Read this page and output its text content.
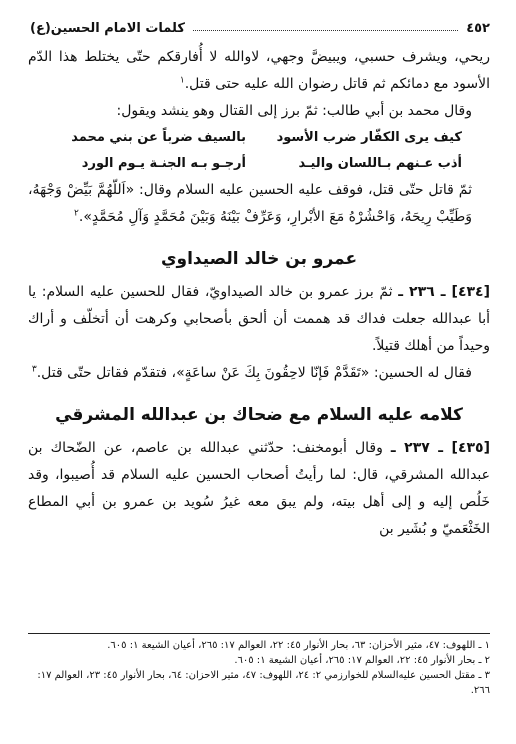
٤٥٢
كلمات الامام الحسين(ع)

ريحي، ويشرف حسبي، ويبيضَّ وجهي، لاوالله لا أُفارقكم حتّى يختلط هذا الدّم الأسود مع دمائكم ثم قاتل رضوان الله عليه حتى قتل.$^١$

وقال محمد بن أبي طالب: ثمّ برز إلى القتال وهو ينشد ويقول:

كيف يرى الكفّار ضرب الأسود
بالسيف ضرباً عن بني محمد
أذب عـنهم بـاللسان واليـد
أرجـو بـه الجنـة يـوم الورد

ثمّ قاتل حتّى قتل، فوقف عليه الحسين عليه السلام وقال: «اَللّهُمَّ بَيِّضْ وَجْهَهُ، وَطَيِّبْ رِيحَهُ، وَاحْشُرْهُ مَعَ الأبْرارِ، وَعَرِّفْ بَيْنَهُ وَبَيْنَ مُحَمَّدٍ وَآلِ مُحَمَّدٍ».$^٢$

عمرو بن خالد الصيداوي

[٤٣٤] ـ ٢٣٦ ـ ثمّ برز عمرو بن خالد الصيداويّ، فقال للحسين عليه السلام: يا أبا عبدالله جعلت فداك قد هممت أن ألحق بأصحابي وكرهت أن أتخلّف و أراك وحيداً من أهلك قتيلاً.

فقال له الحسين: «تَقَدَّمْ فَإنّا لاحِقُونَ بِكَ عَنْ ساعَةٍ»، فتقدّم فقاتل حتّى قتل.$^٣$

كلامه عليه السلام مع ضحاك بن عبدالله المشرقي

[٤٣٥] ـ ٢٣٧ ـ وقال أبومخنف: حدّثني عبدالله بن عاصم، عن الضّحاك بن عبدالله المشرقي، قال: لما رأيتُ أصحاب الحسين عليه السلام قد أُصيبوا، وقد خَلُص إليه و إلى أهل بيته، ولم يبق معه غيرُ سُويد بن عمرو بن أبي المطاع الخَثْعَميّ و بُشَير بن

١ ـ اللهوف: ٤٧، مثير الأحزان: ٦٣، بحار الأنوار ٤٥: ٢٢، العوالم ١٧: ٢٦٥، أعيان الشيعة ١: ٦٠٥.

٢ ـ بحار الأنوار ٤٥: ٢٢، العوالم ١٧: ٢٦٥، أعيان الشيعة ١: ٦٠٥.

٣ ـ مقتل الحسين عليه‌السلام للخوارزمي ٢: ٢٤، اللهوف: ٤٧، مثير الاحزان: ٦٤، بحار الأنوار ٤٥: ٢٣، العوالم ١٧: ٢٦٦.
